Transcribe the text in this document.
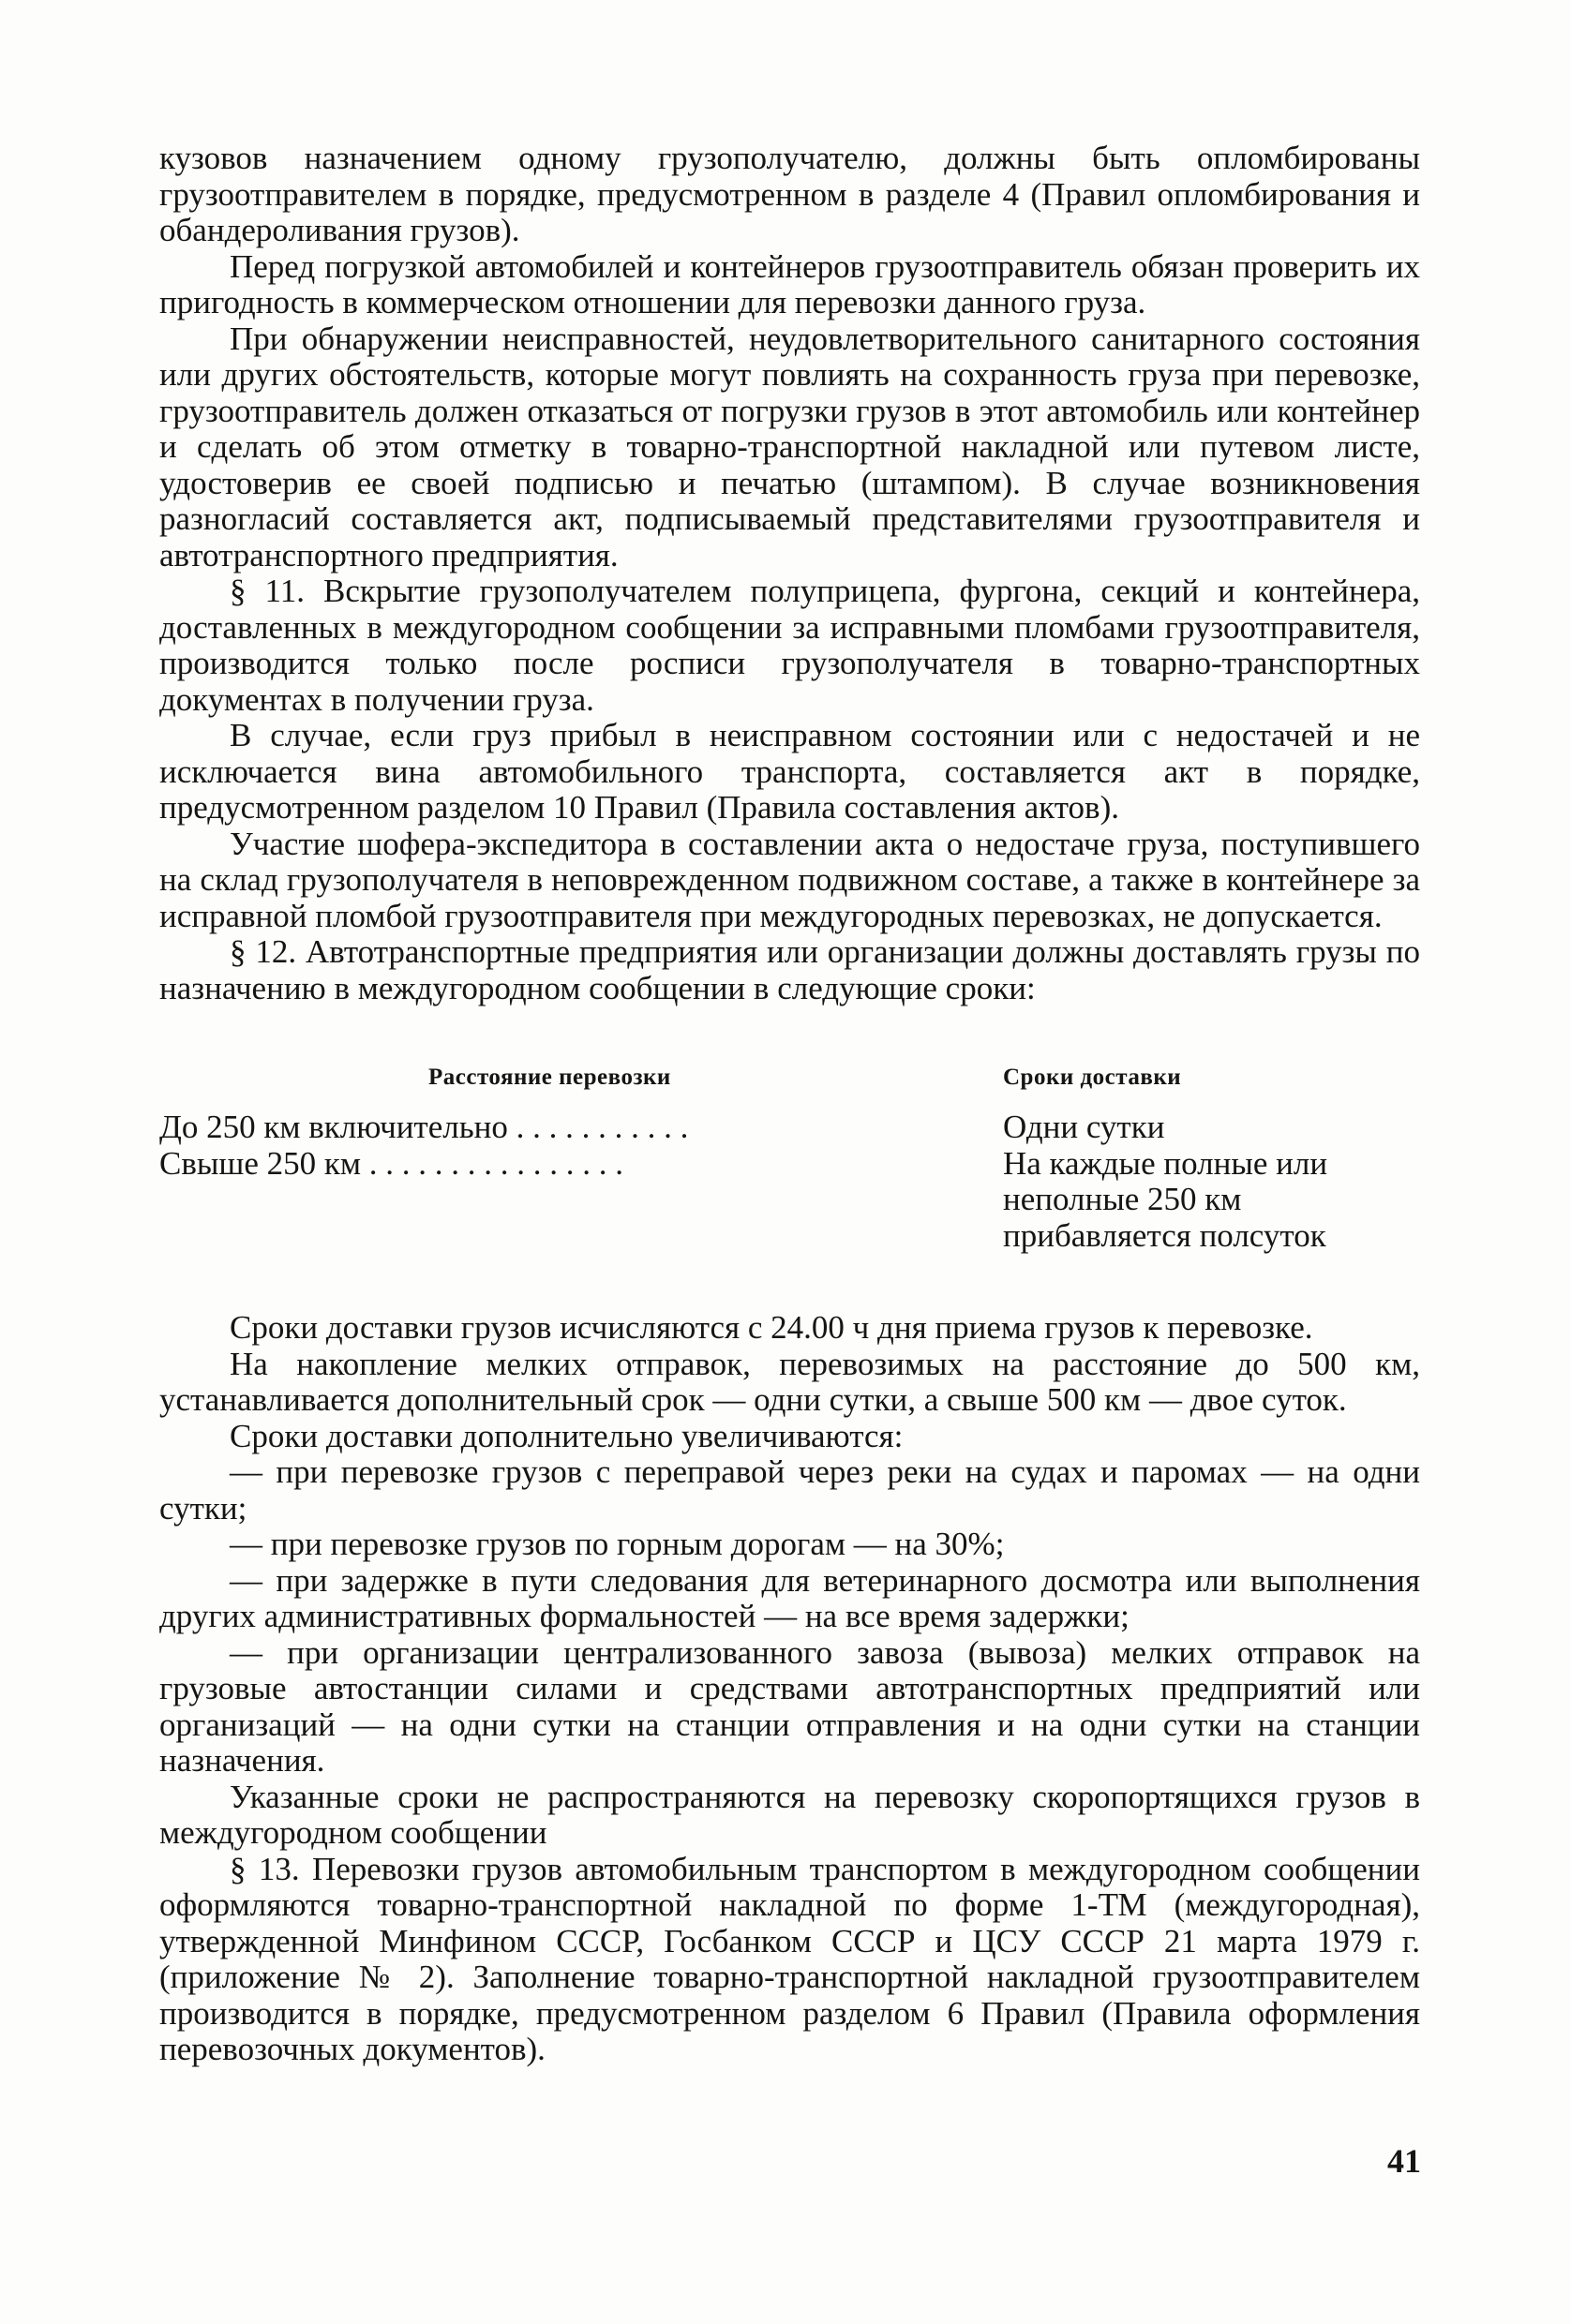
кузовов назначением одному грузополучателю, должны быть опломбированы грузоотправителем в порядке, предусмотренном в разделе 4 (Правил опломбирования и обандероливания грузов).

Перед погрузкой автомобилей и контейнеров грузоотправитель обязан проверить их пригодность в коммерческом отношении для перевозки данного груза.

При обнаружении неисправностей, неудовлетворительного санитарного состояния или других обстоятельств, которые могут повлиять на сохранность груза при перевозке, грузоотправитель должен отказаться от погрузки грузов в этот автомобиль или контейнер и сделать об этом отметку в товарно-транспортной накладной или путевом листе, удостоверив ее своей подписью и печатью (штампом). В случае возникновения разногласий составляется акт, подписываемый представителями грузоотправителя и автотранспортного предприятия.

§ 11. Вскрытие грузополучателем полуприцепа, фургона, секций и контейнера, доставленных в междугородном сообщении за исправными пломбами грузоотправителя, производится только после росписи грузополучателя в товарно-транспортных документах в получении груза.

В случае, если груз прибыл в неисправном состоянии или с недостачей и не исключается вина автомобильного транспорта, составляется акт в порядке, предусмотренном разделом 10 Правил (Правила составления актов).

Участие шофера-экспедитора в составлении акта о недостаче груза, поступившего на склад грузополучателя в неповрежденном подвижном составе, а также в контейнере за исправной пломбой грузоотправителя при междугородных перевозках, не допускается.

§ 12. Автотранспортные предприятия или организации должны доставлять грузы по назначению в междугородном сообщении в следующие сроки:

Расстояние перевозки	Сроки доставки
До 250 км включительно . . . . . . . . . . .	Одни сутки
Свыше 250 км . . . . . . . . . . . . . . . .	На каждые полные или неполные 250 км прибавляется полсуток

Сроки доставки грузов исчисляются с 24.00 ч дня приема грузов к перевозке.

На накопление мелких отправок, перевозимых на расстояние до 500 км, устанавливается дополнительный срок — одни сутки, а свыше 500 км — двое суток.

Сроки доставки дополнительно увеличиваются:

— при перевозке грузов с переправой через реки на судах и паромах — на одни сутки;

— при перевозке грузов по горным дорогам — на 30%;

— при задержке в пути следования для ветеринарного досмотра или выполнения других административных формальностей — на все время задержки;

— при организации централизованного завоза (вывоза) мелких отправок на грузовые автостанции силами и средствами автотранспортных предприятий или организаций — на одни сутки на станции отправления и на одни сутки на станции назначения.

Указанные сроки не распространяются на перевозку скоропортящихся грузов в междугородном сообщении

§ 13. Перевозки грузов автомобильным транспортом в междугородном сообщении оформляются товарно-транспортной накладной по форме 1-ТМ (междугородная), утвержденной Минфином СССР, Госбанком СССР и ЦСУ СССР 21 марта 1979 г. (приложение № 2). Заполнение товарно-транспортной накладной грузоотправителем производится в порядке, предусмотренном разделом 6 Правил (Правила оформления перевозочных документов).

41
